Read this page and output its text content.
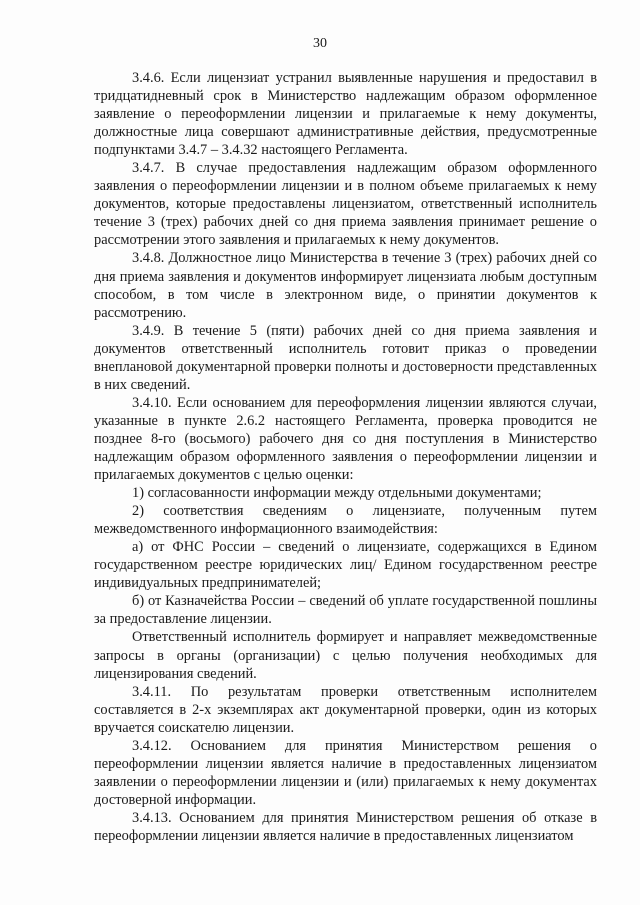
30

3.4.6. Если лицензиат устранил выявленные нарушения и предоставил в тридцатидневный срок в Министерство надлежащим образом оформленное заявление о переоформлении лицензии и прилагаемые к нему документы, должностные лица совершают административные действия, предусмотренные подпунктами 3.4.7 – 3.4.32 настоящего Регламента.

3.4.7. В случае предоставления надлежащим образом оформленного заявления о переоформлении лицензии и в полном объеме прилагаемых к нему документов, которые предоставлены лицензиатом, ответственный исполнитель течение 3 (трех) рабочих дней со дня приема заявления принимает решение о рассмотрении этого заявления и прилагаемых к нему документов.

3.4.8. Должностное лицо Министерства в течение 3 (трех) рабочих дней со дня приема заявления и документов информирует лицензиата любым доступным способом, в том числе в электронном виде, о принятии документов к рассмотрению.

3.4.9. В течение 5 (пяти) рабочих дней со дня приема заявления и документов ответственный исполнитель готовит приказ о проведении внеплановой документарной проверки полноты и достоверности представленных в них сведений.

3.4.10. Если основанием для переоформления лицензии являются случаи, указанные в пункте 2.6.2 настоящего Регламента, проверка проводится не позднее 8-го (восьмого) рабочего дня со дня поступления в Министерство надлежащим образом оформленного заявления о переоформлении лицензии и прилагаемых документов с целью оценки:

1) согласованности информации между отдельными документами;

2) соответствия сведениям о лицензиате, полученным путем межведомственного информационного взаимодействия:

а) от ФНС России – сведений о лицензиате, содержащихся в Едином государственном реестре юридических лиц/ Едином государственном реестре индивидуальных предпринимателей;

б) от Казначейства России – сведений об уплате государственной пошлины за предоставление лицензии.

Ответственный исполнитель формирует и направляет межведомственные запросы в органы (организации) с целью получения необходимых для лицензирования сведений.

3.4.11. По результатам проверки ответственным исполнителем составляется в 2-х экземплярах акт документарной проверки, один из которых вручается соискателю лицензии.

3.4.12. Основанием для принятия Министерством решения о переоформлении лицензии является наличие в предоставленных лицензиатом заявлении о переоформлении лицензии и (или) прилагаемых к нему документах достоверной информации.

3.4.13. Основанием для принятия Министерством решения об отказе в переоформлении лицензии является наличие в предоставленных лицензиатом
